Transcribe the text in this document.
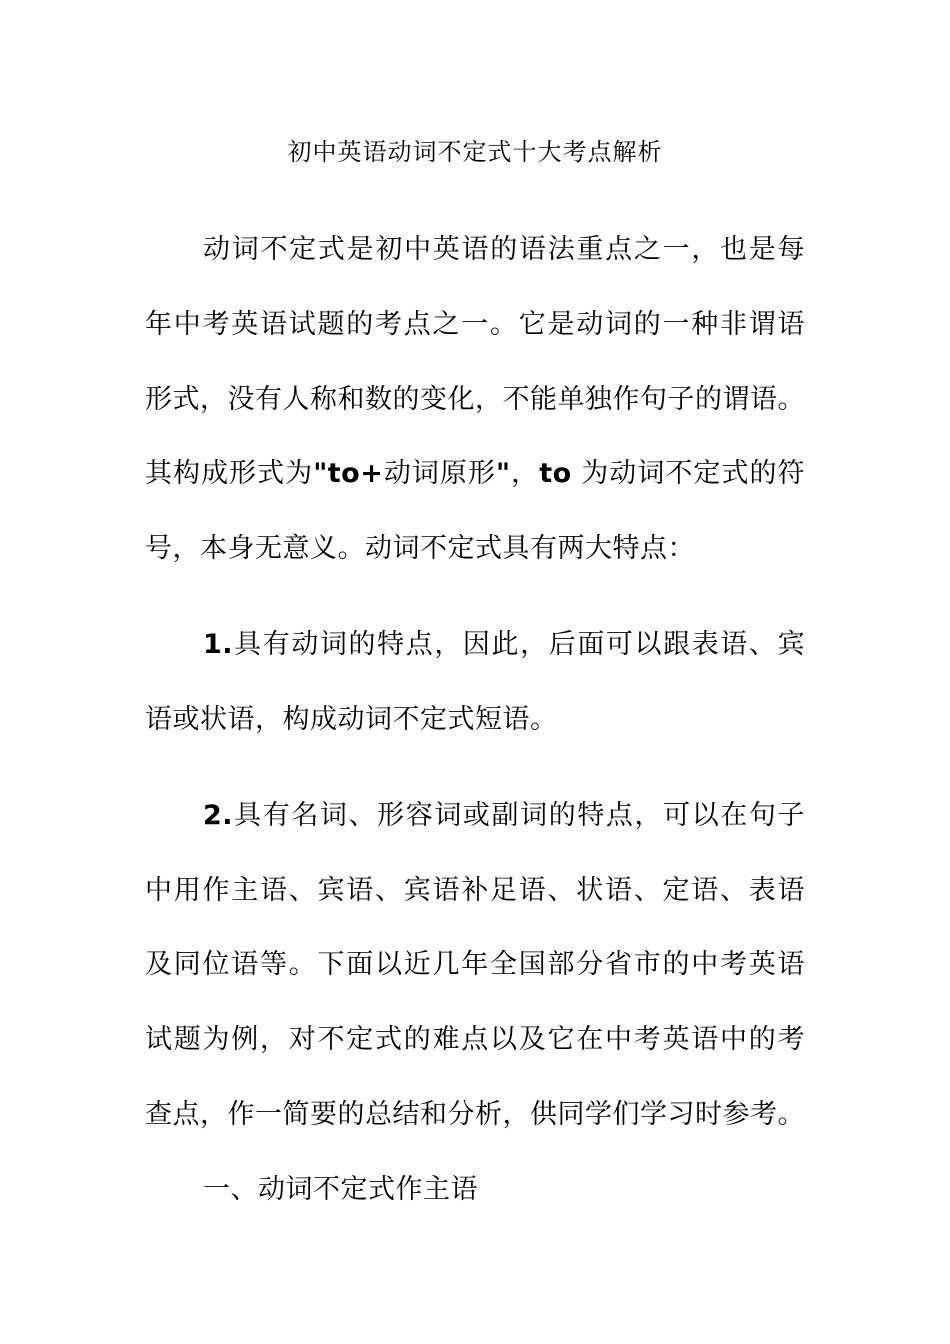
初中英语动词不定式十大考点解析
动词不定式是初中英语的语法重点之一，也是每
年中考英语试题的考点之一。它是动词的一种非谓语
形式，没有人称和数的变化，不能单独作句子的谓语。
其构成形式为"to+动词原形"，to 为动词不定式的符
号，本身无意义。动词不定式具有两大特点：
1.具有动词的特点，因此，后面可以跟表语、宾
语或状语，构成动词不定式短语。
2.具有名词、形容词或副词的特点，可以在句子
中用作主语、宾语、宾语补足语、状语、定语、表语
及同位语等。下面以近几年全国部分省市的中考英语
试题为例，对不定式的难点以及它在中考英语中的考
查点，作一简要的总结和分析，供同学们学习时参考。
一、动词不定式作主语
